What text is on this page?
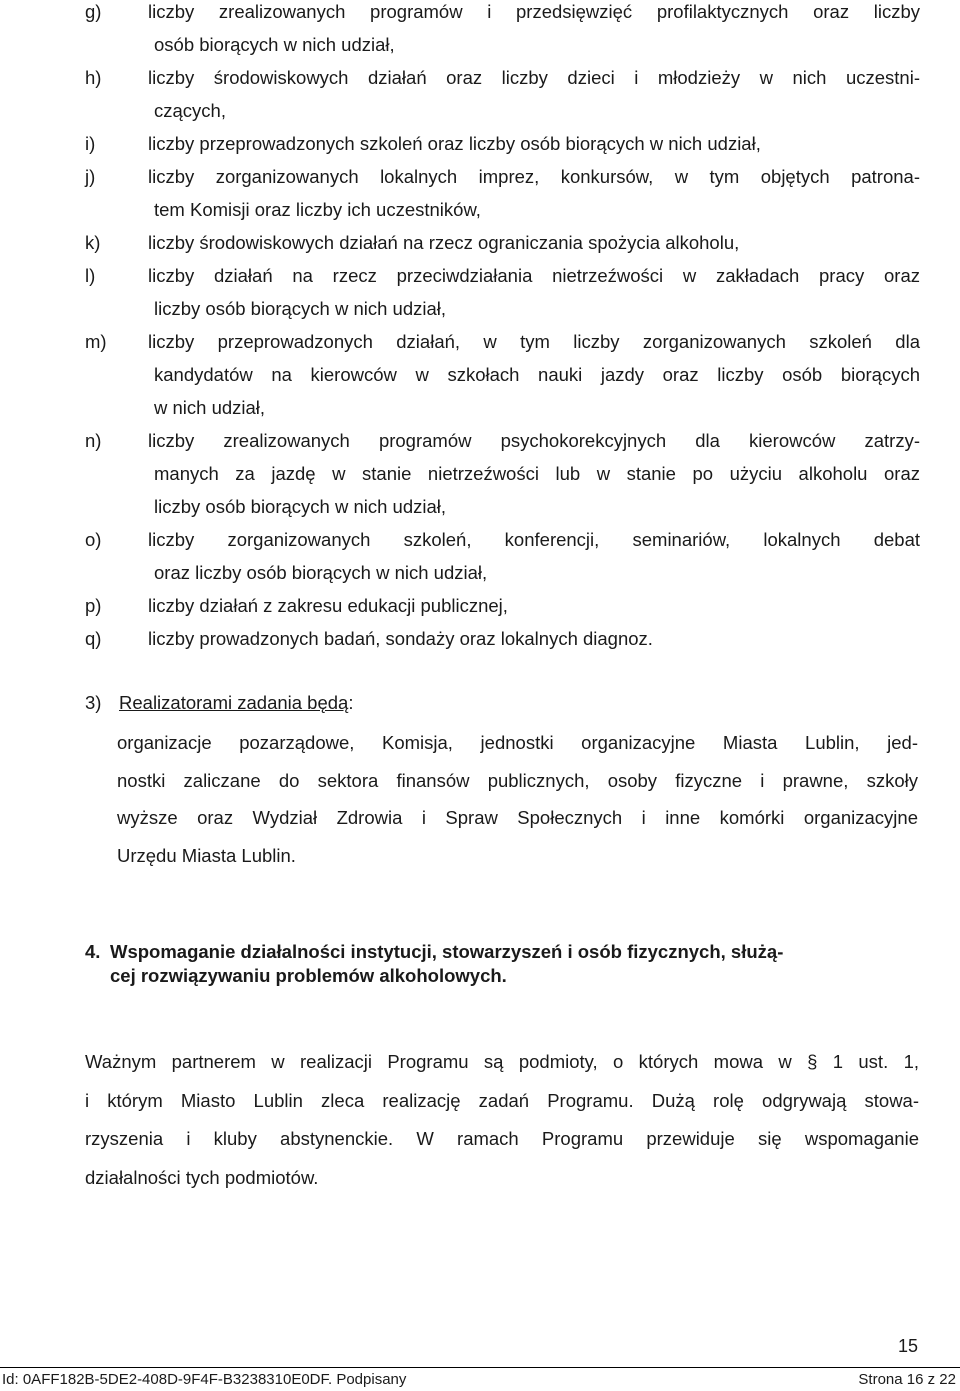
g)	liczby zrealizowanych programów i przedsięwzięć profilaktycznych oraz liczby
osób biorących w nich udział,
h)	liczby środowiskowych działań oraz liczby dzieci i młodzieży w nich uczestni-
czących,
i)	liczby przeprowadzonych szkoleń oraz liczby osób biorących w nich udział,
j)	liczby zorganizowanych lokalnych imprez, konkursów, w tym objętych patrona-
tem Komisji oraz liczby ich uczestników,
k)	liczby środowiskowych działań na rzecz ograniczania spożycia alkoholu,
l)	liczby działań na rzecz przeciwdziałania nietrzeźwości w zakładach pracy oraz
liczby osób biorących w nich udział,
m)	liczby przeprowadzonych działań, w tym liczby zorganizowanych szkoleń dla
kandydatów na kierowców w szkołach nauki jazdy oraz liczby osób biorących
w nich udział,
n)	liczby zrealizowanych programów psychokorekcyjnych dla kierowców zatrzy-
manych za jazdę w stanie nietrzeźwości lub w stanie po użyciu alkoholu oraz
liczby osób biorących w nich udział,
o)	liczby zorganizowanych szkoleń, konferencji, seminariów, lokalnych debat
oraz liczby osób biorących w nich udział,
p)	liczby działań z zakresu edukacji publicznej,
q)	liczby prowadzonych badań, sondaży oraz lokalnych diagnoz.
3) Realizatorami zadania będą:
organizacje pozarządowe, Komisja, jednostki organizacyjne Miasta Lublin, jed-
nostki zaliczane do sektora finansów publicznych, osoby fizyczne i prawne, szkoły
wyższe oraz Wydział Zdrowia i Spraw Społecznych i inne komórki organizacyjne
Urzędu Miasta Lublin.
4. Wspomaganie działalności instytucji, stowarzyszeń i osób fizycznych, służą-
cej rozwiązywaniu problemów alkoholowych.
Ważnym partnerem w realizacji Programu są podmioty, o których mowa w § 1 ust. 1,
i którym Miasto Lublin zleca realizację zadań Programu. Dużą rolę odgrywają stowa-
rzyszenia i kluby abstynenckie. W ramach Programu przewiduje się wspomaganie
działalności tych podmiotów.
15
Id: 0AFF182B-5DE2-408D-9F4F-B3238310E0DF. Podpisany	Strona 16 z 22
